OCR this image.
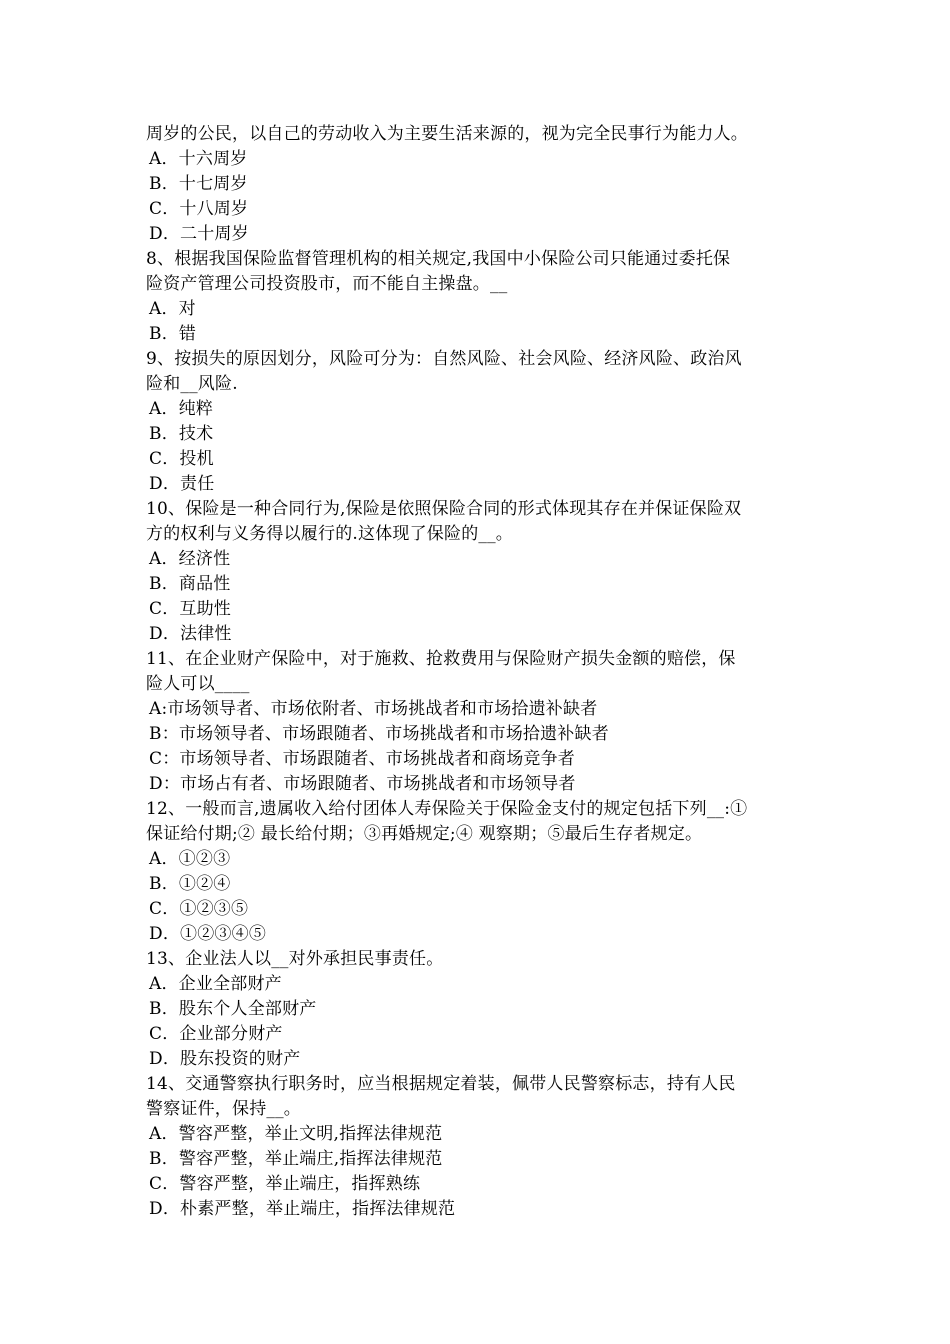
周岁的公民，以自己的劳动收入为主要生活来源的，视为完全民事行为能力人。
A．十六周岁
B．十七周岁
C．十八周岁
D．二十周岁
8、根据我国保险监督管理机构的相关规定,我国中小保险公司只能通过委托保
险资产管理公司投资股市，而不能自主操盘。__
A．对
B．错
9、按损失的原因划分，风险可分为：自然风险、社会风险、经济风险、政治风
险和__风险.
A．纯粹
B．技术
C．投机
D．责任
10、保险是一种合同行为,保险是依照保险合同的形式体现其存在并保证保险双
方的权利与义务得以履行的.这体现了保险的__。
A．经济性
B．商品性
C．互助性
D．法律性
11、在企业财产保险中，对于施救、抢救费用与保险财产损失金额的赔偿，保
险人可以____
A:市场领导者、市场依附者、市场挑战者和市场拾遗补缺者
B：市场领导者、市场跟随者、市场挑战者和市场拾遗补缺者
C：市场领导者、市场跟随者、市场挑战者和商场竞争者
D：市场占有者、市场跟随者、市场挑战者和市场领导者
12、一般而言,遗属收入给付团体人寿保险关于保险金支付的规定包括下列__:①
保证给付期;② 最长给付期；③再婚规定;④ 观察期；⑤最后生存者规定。
A．①②③
B．①②④
C．①②③⑤
D．①②③④⑤
13、企业法人以__对外承担民事责任。
A．企业全部财产
B．股东个人全部财产
C．企业部分财产
D．股东投资的财产
14、交通警察执行职务时，应当根据规定着装，佩带人民警察标志，持有人民
警察证件，保持__。
A．警容严整，举止文明,指挥法律规范
B．警容严整，举止端庄,指挥法律规范
C．警容严整，举止端庄，指挥熟练
D．朴素严整，举止端庄，指挥法律规范
